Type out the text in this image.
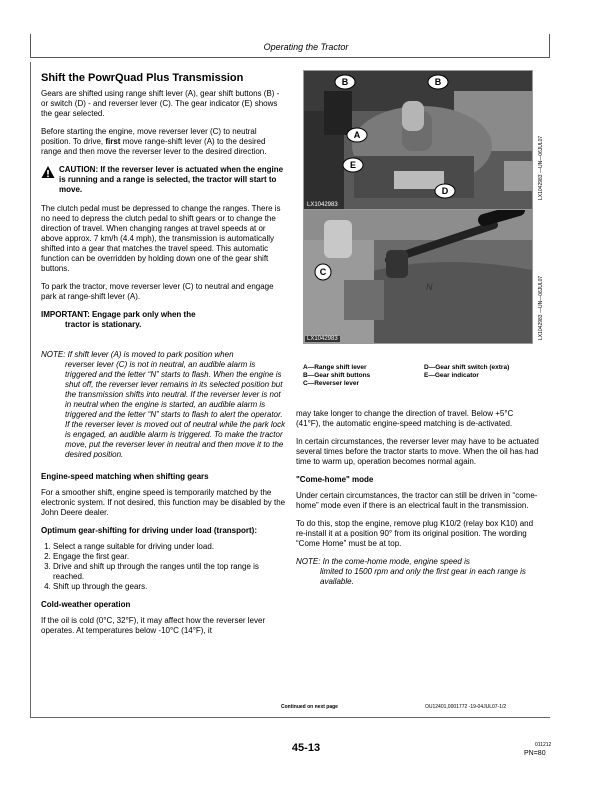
Operating the Tractor
Shift the PowrQuad Plus Transmission

Gears are shifted using range shift lever (A), gear shift buttons (B) - or switch (D) - and reverser lever (C). The gear indicator (E) shows the gear selected.

Before starting the engine, move reverser lever (C) to neutral position. To drive, first move range-shift lever (A) to the desired range and then move the reverser lever to the desired direction.

CAUTION: If the reverser lever is actuated when the engine is running and a range is selected, the tractor will start to move.

The clutch pedal must be depressed to change the ranges. There is no need to depress the clutch pedal to shift gears or to change the direction of travel. When changing ranges at travel speeds at or above approx. 7 km/h (4.4 mph), the transmission is automatically shifted into a gear that matches the travel speed. This automatic function can be overridden by holding down one of the gear shift buttons.

To park the tractor, move reverser lever (C) to neutral and engage park at range-shift lever (A).

IMPORTANT: Engage park only when the
tractor is stationary.

NOTE: If shift lever (A) is moved to park position when
reverser lever (C) is not in neutral, an audible alarm is triggered and the letter “N” starts to flash. When the engine is shut off, the reverser lever remains in its selected position but the transmission shifts into neutral. If the reverser lever is not in neutral when the engine is started, an audible alarm is triggered and the letter “N” starts to flash to alert the operator. If the reverser lever is moved out of neutral while the park lock is engaged, an audible alarm is triggered. To make the tractor move, put the reverser lever in neutral and then move it to the desired position.

Engine-speed matching when shifting gears

For a smoother shift, engine speed is temporarily matched by the electronic system. If not desired, this function may be disabled by the John Deere dealer.

Optimum gear-shifting for driving under load (transport):
1. Select a range suitable for driving under load.
2. Engage the first gear.
3. Drive and shift up through the ranges until the top range is reached.
4. Shift up through the gears.
Cold-weather operation

If the oil is cold (0°C, 32°F), it may affect how the reverser lever operates. At temperatures below -10°C (14°F), it

B	B
A
E
D
LX1042983
LX1042983 —UN—06JUL07
C
N
LX1042983	LX1042983 —UN—06JUL07
A—Range shift lever
B—Gear shift buttons
C—Reverser lever
D—Gear shift switch (extra)
E—Gear indicator

may take longer to change the direction of travel. Below +5°C (41°F), the automatic engine-speed matching is de-activated.

In certain circumstances, the reverser lever may have to be actuated several times before the tractor starts to move. When the oil has had time to warm up, operation becomes normal again.

"Come-home" mode

Under certain circumstances, the tractor can still be driven in “come-home” mode even if there is an electrical fault in the transmission.

To do this, stop the engine, remove plug K10/2 (relay box K10) and re-install it at a position 90° from its original position. The wording “Come Home” must be at top.

NOTE: In the come-home mode, engine speed is
limited to 1500 rpm and only the first gear in each range is available.

Continued on next page	OU12401,0001772 -19-04JUL07-1/2
45-13	011212
PN=80
